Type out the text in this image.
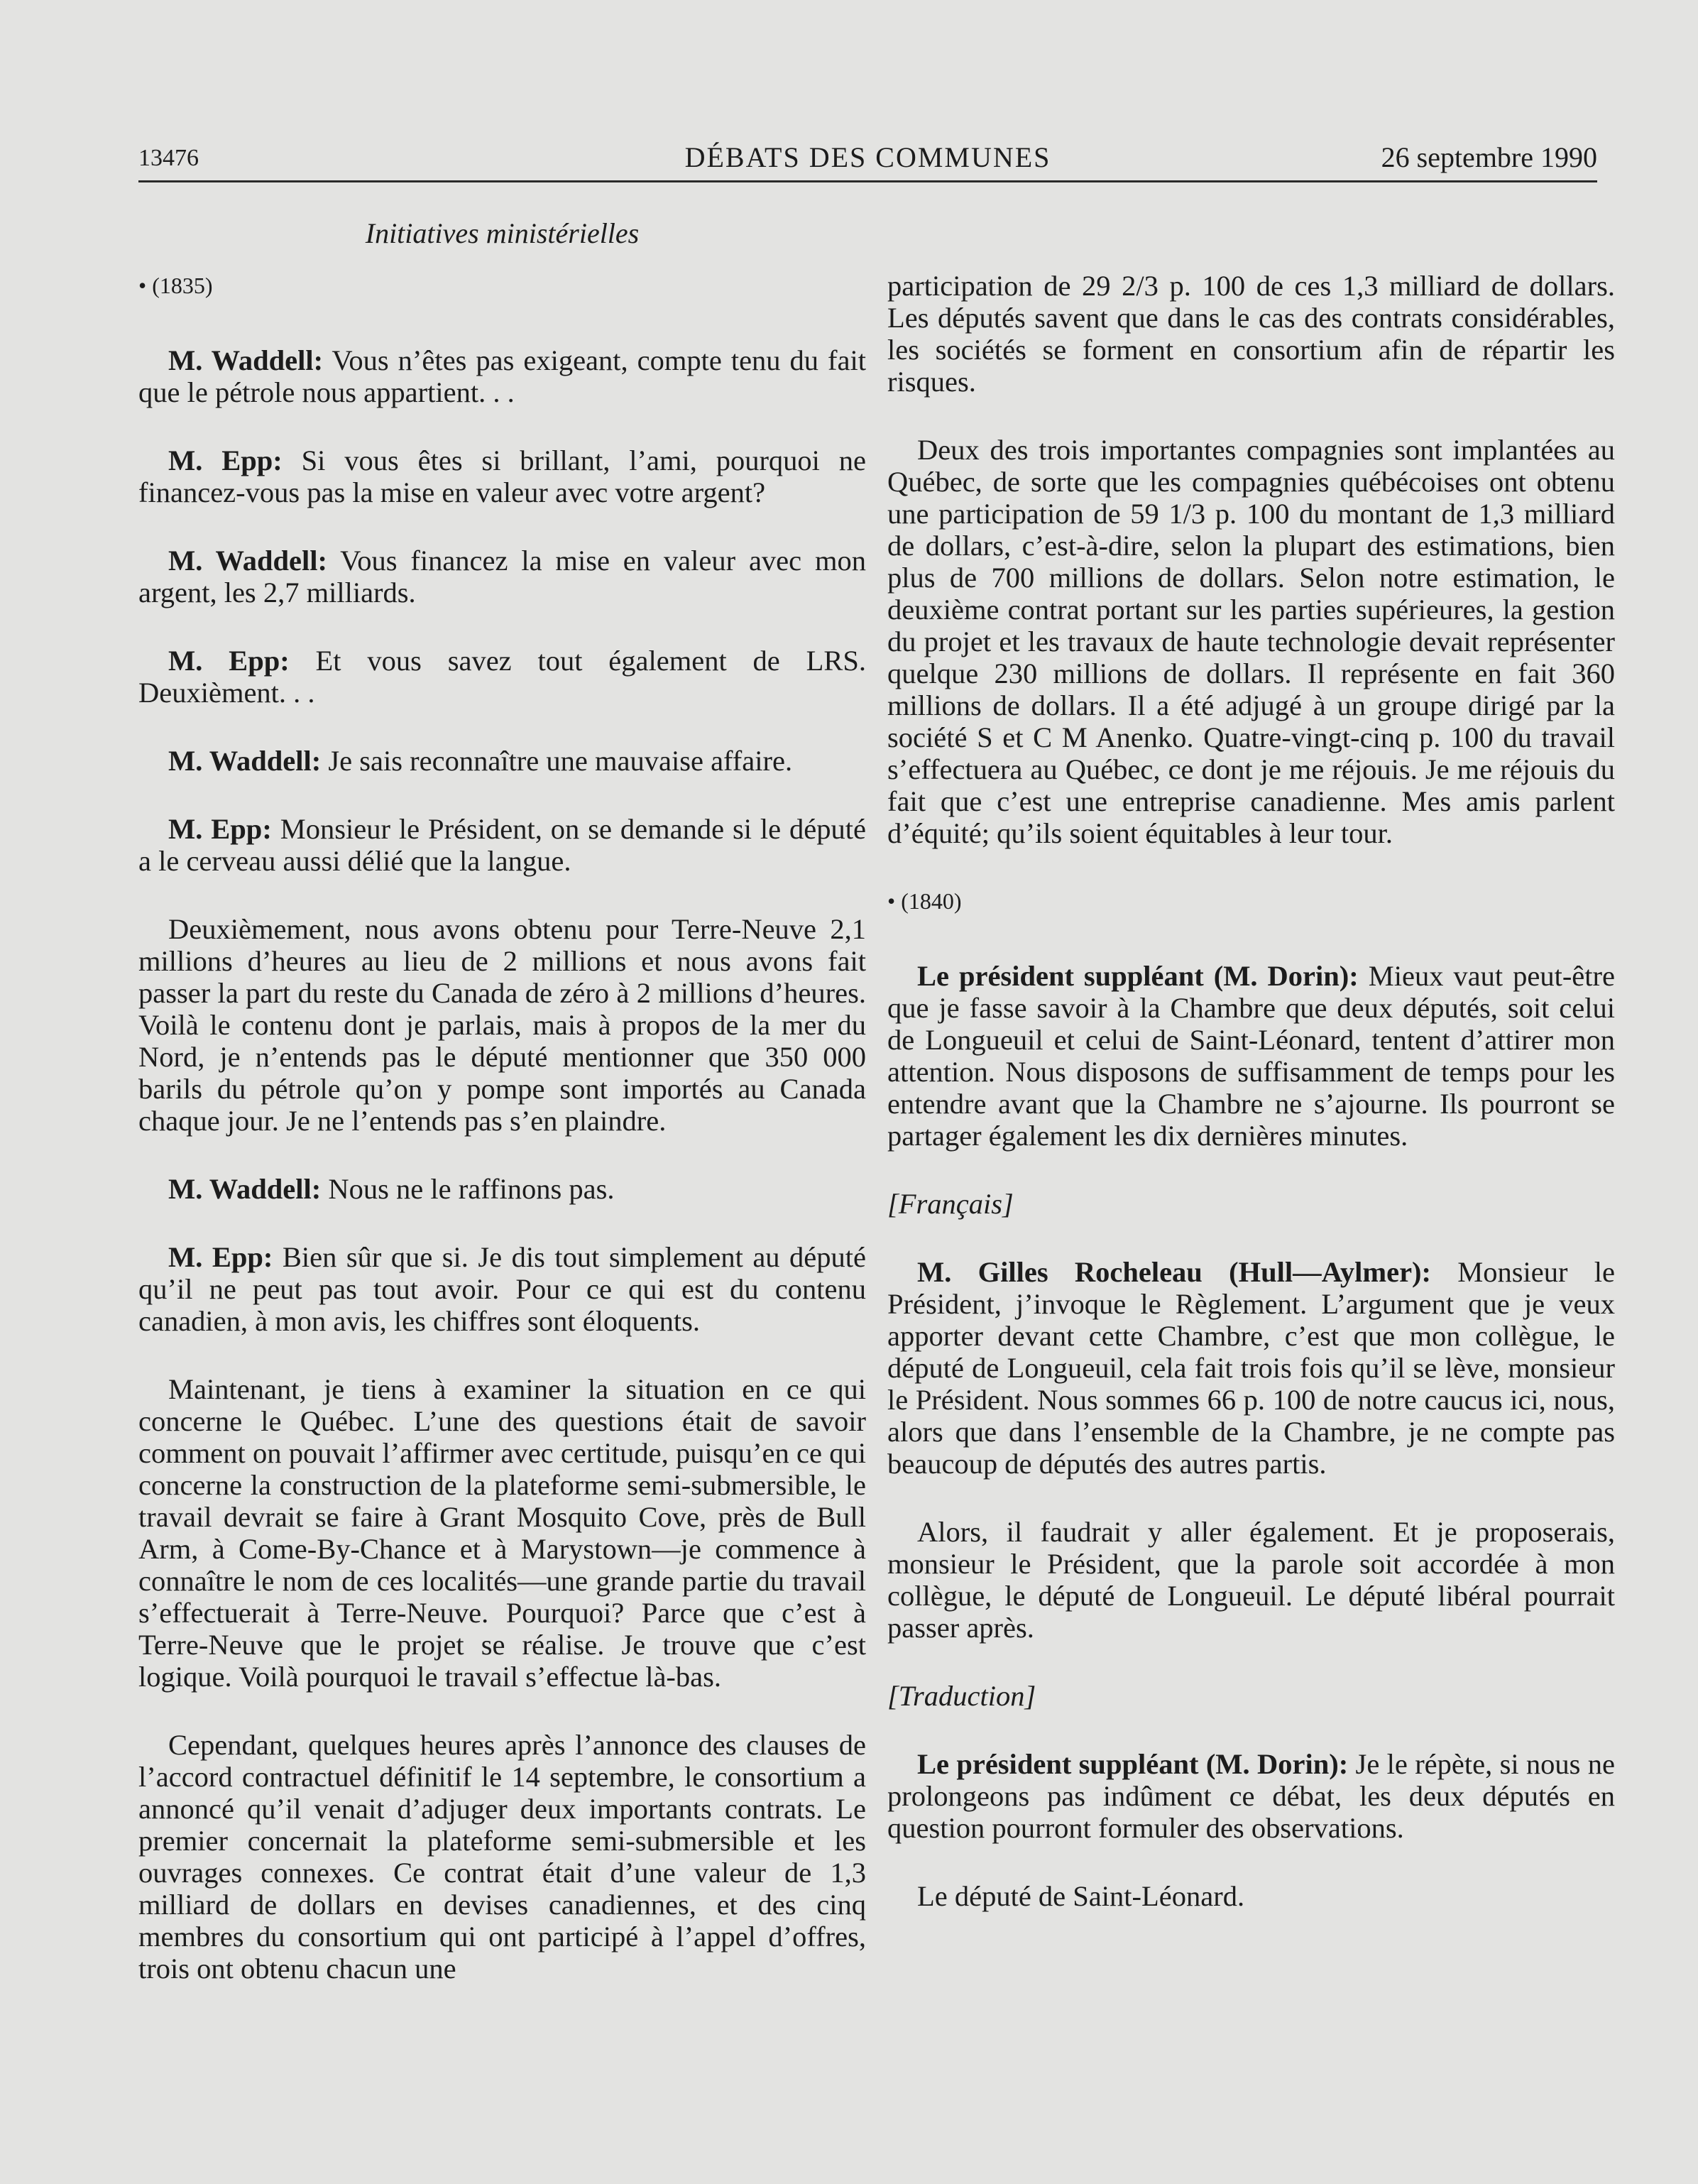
13476	DÉBATS DES COMMUNES	26 septembre 1990
Initiatives ministérielles
• (1835)

M. Waddell: Vous n’êtes pas exigeant, compte tenu du fait que le pétrole nous appartient. . .

M. Epp: Si vous êtes si brillant, l’ami, pourquoi ne financez-vous pas la mise en valeur avec votre argent?

M. Waddell: Vous financez la mise en valeur avec mon argent, les 2,7 milliards.

M. Epp: Et vous savez tout également de LRS. Deuxièment. . .

M. Waddell: Je sais reconnaître une mauvaise affaire.

M. Epp: Monsieur le Président, on se demande si le député a le cerveau aussi délié que la langue.

Deuxièmement, nous avons obtenu pour Terre-Neuve 2,1 millions d’heures au lieu de 2 millions et nous avons fait passer la part du reste du Canada de zéro à 2 millions d’heures. Voilà le contenu dont je parlais, mais à propos de la mer du Nord, je n’entends pas le député mentionner que 350 000 barils du pétrole qu’on y pompe sont importés au Canada chaque jour. Je ne l’entends pas s’en plaindre.

M. Waddell: Nous ne le raffinons pas.

M. Epp: Bien sûr que si. Je dis tout simplement au député qu’il ne peut pas tout avoir. Pour ce qui est du contenu canadien, à mon avis, les chiffres sont éloquents.

Maintenant, je tiens à examiner la situation en ce qui concerne le Québec. L’une des questions était de savoir comment on pouvait l’affirmer avec certitude, puisqu’en ce qui concerne la construction de la plateforme semi-submersible, le travail devrait se faire à Grant Mosquito Cove, près de Bull Arm, à Come-By-Chance et à Marystown—je commence à connaître le nom de ces localités—une grande partie du travail s’effectuerait à Terre-Neuve. Pourquoi? Parce que c’est à Terre-Neuve que le projet se réalise. Je trouve que c’est logique. Voilà pourquoi le travail s’effectue là-bas.

Cependant, quelques heures après l’annonce des clauses de l’accord contractuel définitif le 14 septembre, le consortium a annoncé qu’il venait d’adjuger deux importants contrats. Le premier concernait la plateforme semi-submersible et les ouvrages connexes. Ce contrat était d’une valeur de 1,3 milliard de dollars en devises canadiennes, et des cinq membres du consortium qui ont participé à l’appel d’offres, trois ont obtenu chacun une

participation de 29 2/3 p. 100 de ces 1,3 milliard de dollars. Les députés savent que dans le cas des contrats considérables, les sociétés se forment en consortium afin de répartir les risques.

Deux des trois importantes compagnies sont implantées au Québec, de sorte que les compagnies québécoises ont obtenu une participation de 59 1/3 p. 100 du montant de 1,3 milliard de dollars, c’est-à-dire, selon la plupart des estimations, bien plus de 700 millions de dollars. Selon notre estimation, le deuxième contrat portant sur les parties supérieures, la gestion du projet et les travaux de haute technologie devait représenter quelque 230 millions de dollars. Il représente en fait 360 millions de dollars. Il a été adjugé à un groupe dirigé par la société S et C M Anenko. Quatre-vingt-cinq p. 100 du travail s’effectuera au Québec, ce dont je me réjouis. Je me réjouis du fait que c’est une entreprise canadienne. Mes amis parlent d’équité; qu’ils soient équitables à leur tour.

• (1840)

Le président suppléant (M. Dorin): Mieux vaut peut-être que je fasse savoir à la Chambre que deux députés, soit celui de Longueuil et celui de Saint-Léonard, tentent d’attirer mon attention. Nous disposons de suffisamment de temps pour les entendre avant que la Chambre ne s’ajourne. Ils pourront se partager également les dix dernières minutes.

[Français]

M. Gilles Rocheleau (Hull—Aylmer): Monsieur le Président, j’invoque le Règlement. L’argument que je veux apporter devant cette Chambre, c’est que mon collègue, le député de Longueuil, cela fait trois fois qu’il se lève, monsieur le Président. Nous sommes 66 p. 100 de notre caucus ici, nous, alors que dans l’ensemble de la Chambre, je ne compte pas beaucoup de députés des autres partis.

Alors, il faudrait y aller également. Et je proposerais, monsieur le Président, que la parole soit accordée à mon collègue, le député de Longueuil. Le député libéral pourrait passer après.

[Traduction]

Le président suppléant (M. Dorin): Je le répète, si nous ne prolongeons pas indûment ce débat, les deux députés en question pourront formuler des observations.

Le député de Saint-Léonard.
